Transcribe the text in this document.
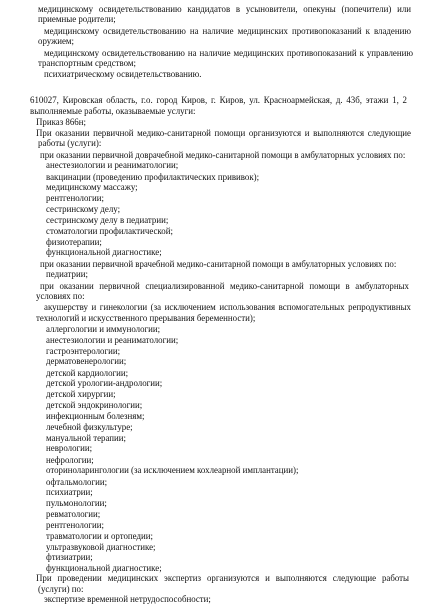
медицинскому освидетельствованию кандидатов в усыновители, опекуны (попечители) или
приемные родители;
медицинскому освидетельствованию на наличие медицинских противопоказаний к владению
оружием;
медицинскому освидетельствованию на наличие медицинских противопоказаний к управлению
транспортным средством;
психиатрическому освидетельствованию.
610027, Кировская область, г.о. город Киров, г. Киров, ул. Красноармейская, д. 43б, этажи 1, 2
выполняемые работы, оказываемые услуги:
Приказ 866н;
При оказании первичной медико-санитарной помощи организуются и выполняются следующие
работы (услуги):
при оказании первичной доврачебной медико-санитарной помощи в амбулаторных условиях по:
анестезиологии и реаниматологии;
вакцинации (проведению профилактических прививок);
медицинскому массажу;
рентгенологии;
сестринскому делу;
сестринскому делу в педиатрии;
стоматологии профилактической;
физиотерапии;
функциональной диагностике;
при оказании первичной врачебной медико-санитарной помощи в амбулаторных условиях по:
педиатрии;
при оказании первичной специализированной медико-санитарной помощи в амбулаторных
условиях по:
акушерству и гинекологии (за исключением использования вспомогательных репродуктивных
технологий и искусственного прерывания беременности);
аллергологии и иммунологии;
анестезиологии и реаниматологии;
гастроэнтерологии;
дерматовенерологии;
детской кардиологии;
детской урологии-андрологии;
детской хирургии;
детской эндокринологии;
инфекционным болезням;
лечебной физкультуре;
мануальной терапии;
неврологии;
нефрологии;
оториноларингологии (за исключением кохлеарной имплантации);
офтальмологии;
психиатрии;
пульмонологии;
ревматологии;
рентгенологии;
травматологии и ортопедии;
ультразвуковой диагностике;
фтизиатрии;
функциональной диагностике;
При проведении медицинских экспертиз организуются и выполняются следующие работы
(услуги) по:
экспертизе временной нетрудоспособности;
